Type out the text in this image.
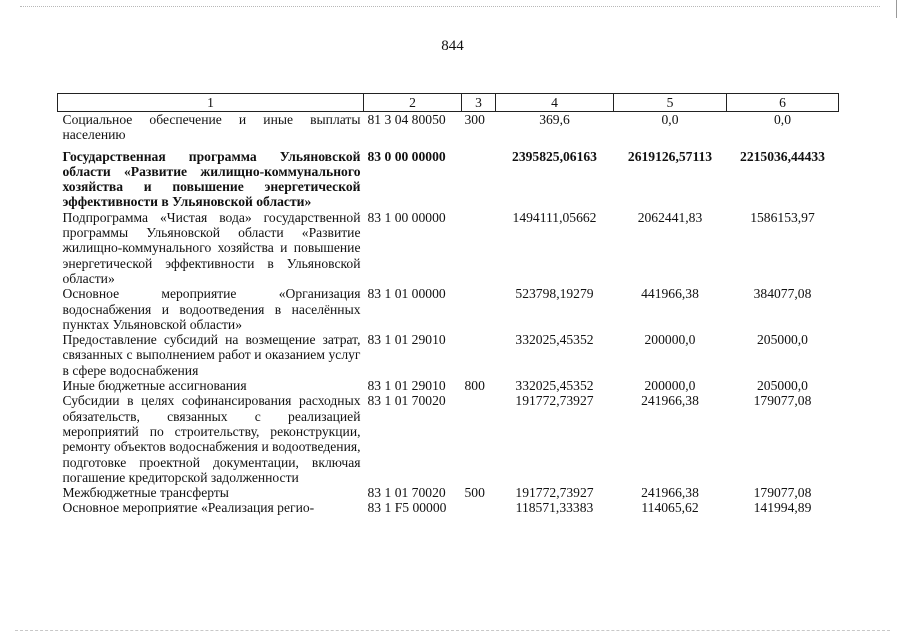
844
1	2	3	4	5	6
Социальное обеспечение и иные выплаты населению	81 3 04 80050	300	369,6	0,0	0,0
Государственная программа Ульяновской области «Развитие жилищно-коммунального хозяйства и повышение энергетической эффективности в Ульяновской области»	83 0 00 00000		2395825,06163	2619126,57113	2215036,44433
Подпрограмма «Чистая вода» государственной программы Ульяновской области «Развитие жилищно-коммунального хозяйства и повышение энергетической эффективности в Ульяновской области»	83 1 00 00000		1494111,05662	2062441,83	1586153,97
Основное мероприятие «Организация водоснабжения и водоотведения в населённых пунктах Ульяновской области»	83 1 01 00000		523798,19279	441966,38	384077,08
Предоставление субсидий на возмещение затрат, связанных с выполнением работ и оказанием услуг в сфере водоснабжения	83 1 01 29010		332025,45352	200000,0	205000,0
Иные бюджетные ассигнования	83 1 01 29010	800	332025,45352	200000,0	205000,0
Субсидии в целях софинансирования расходных обязательств, связанных с реализацией мероприятий по строительству, реконструкции, ремонту объектов водоснабжения и водоотведения, подготовке проектной документации, включая погашение кредиторской задолженности	83 1 01 70020		191772,73927	241966,38	179077,08
Межбюджетные трансферты	83 1 01 70020	500	191772,73927	241966,38	179077,08
Основное мероприятие «Реализация регио-	83 1 F5 00000		118571,33383	114065,62	141994,89
